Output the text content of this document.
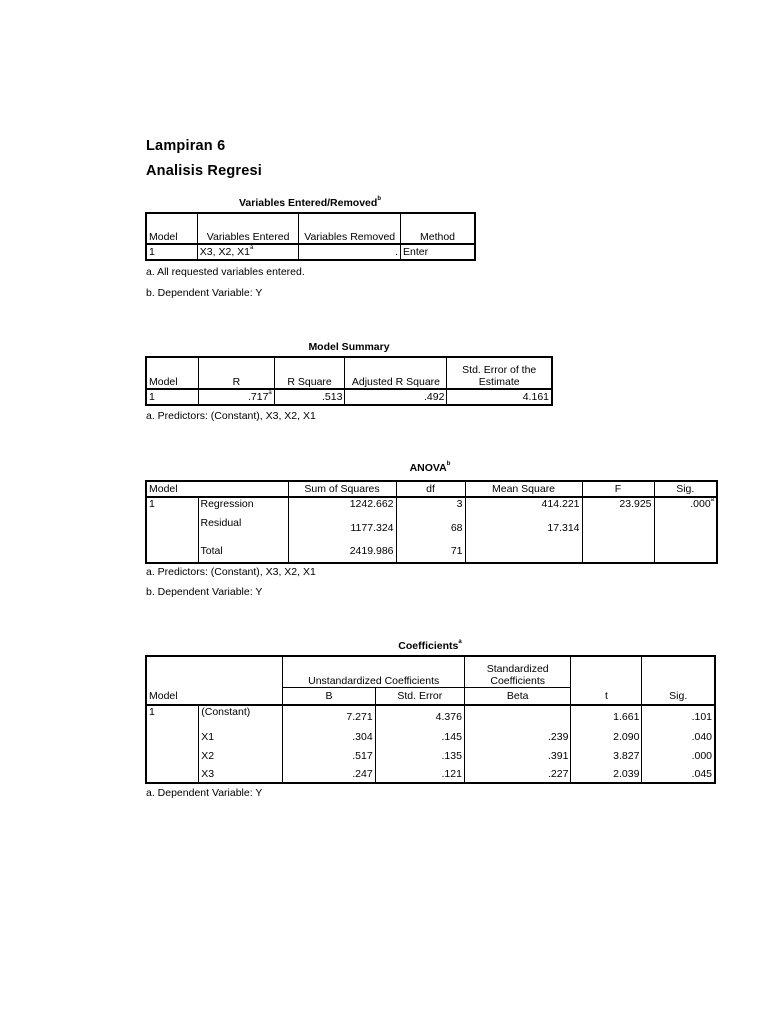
Lampiran 6
Analisis Regresi
Variables Entered/Removed$^b$
Model	Variables Entered	Variables Removed	Method
1	X3, X2, X1$^a$	.	Enter
a. All requested variables entered.
b. Dependent Variable: Y
Model Summary
Model	R	R Square	Adjusted R Square	Std. Error of the Estimate
1	.717$^a$	.513	.492	4.161
a. Predictors: (Constant), X3, X2, X1
ANOVA$^b$
Model		Sum of Squares	df	Mean Square	F	Sig.
1	Regression	1242.662	3	414.221	23.925	.000$^a$
	Residual	1177.324	68	17.314		
	Total	2419.986	71			
a. Predictors: (Constant), X3, X2, X1
b. Dependent Variable: Y
Coefficients$^a$
		Unstandardized Coefficients		Standardized Coefficients		
Model		B	Std. Error	Beta	t	Sig.
1	(Constant)	7.271	4.376		1.661	.101
	X1	.304	.145	.239	2.090	.040
	X2	.517	.135	.391	3.827	.000
	X3	.247	.121	.227	2.039	.045
a. Dependent Variable: Y
